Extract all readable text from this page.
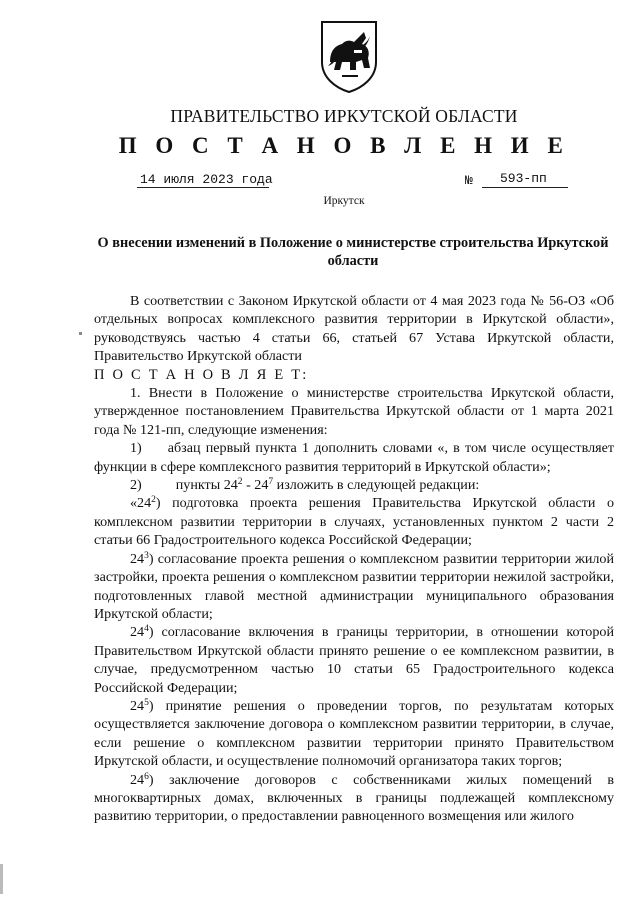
ПРАВИТЕЛЬСТВО ИРКУТСКОЙ ОБЛАСТИ
П О С Т А Н О В Л Е Н И Е
14 июля 2023 года	№ 593-пп
Иркутск
О внесении изменений в Положение о министерстве строительства Иркутской области

В соответствии с Законом Иркутской области от 4 мая 2023 года № 56-ОЗ «Об отдельных вопросах комплексного развития территории в Иркутской области», руководствуясь частью 4 статьи 66, статьей 67 Устава Иркутской области, Правительство Иркутской области

П О С Т А Н О В Л Я Е Т:

1. Внести в Положение о министерстве строительства Иркутской области, утвержденное постановлением Правительства Иркутской области от 1 марта 2021 года № 121-пп, следующие изменения:

1) абзац первый пункта 1 дополнить словами «, в том числе осуществляет функции в сфере комплексного развития территорий в Иркутской области»;

2) пункты $24^2 - 24^7$ изложить в следующей редакции:

«$24^2$) подготовка проекта решения Правительства Иркутской области о комплексном развитии территории в случаях, установленных пунктом 2 части 2 статьи 66 Градостроительного кодекса Российской Федерации;

$24^3$) согласование проекта решения о комплексном развитии территории жилой застройки, проекта решения о комплексном развитии территории нежилой застройки, подготовленных главой местной администрации муниципального образования Иркутской области;

$24^4$) согласование включения в границы территории, в отношении которой Правительством Иркутской области принято решение о ее комплексном развитии, в случае, предусмотренном частью 10 статьи 65 Градостроительного кодекса Российской Федерации;

$24^5$) принятие решения о проведении торгов, по результатам которых осуществляется заключение договора о комплексном развитии территории, в случае, если решение о комплексном развитии территории принято Правительством Иркутской области, и осуществление полномочий организатора таких торгов;

$24^6$) заключение договоров с собственниками жилых помещений в многоквартирных домах, включенных в границы подлежащей комплексному развитию территории, о предоставлении равноценного возмещения или жилого
